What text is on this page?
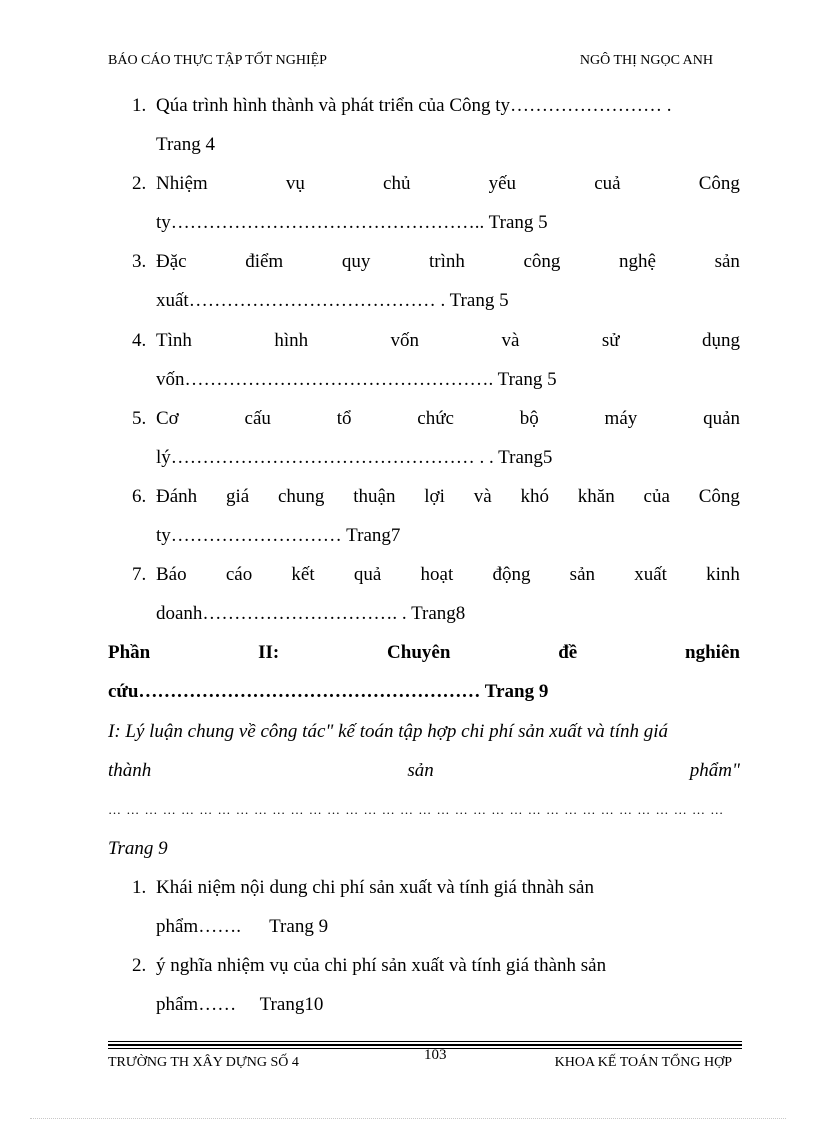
BÁO CÁO THỰC TẬP TỐT NGHIỆP	NGÔ THỊ NGỌC ANH
1. Qúa trình hình thành và phát triển của Công ty…………………… .
Trang 4
2. Nhiệm	vụ	chủ	yếu	cuả	Công
ty………………………………………….. Trang 5
3. Đặc	điểm	quy	trình	công	nghệ	sản
xuất………………………………… . Trang 5
4. Tình	hình	vốn	và	sử	dụng
vốn…………………………………………. Trang 5
5. Cơ	cấu	tổ	chức	bộ	máy	quản
lý………………………………………… . . Trang5
6. Đánh giá chung thuận lợi và khó khăn của Công
ty……………………… Trang7
7. Báo cáo kết quả hoạt động sản xuất kinh
doanh…………………………. . Trang8
Phần	II:	Chuyên	đề	nghiên
cứu……………………………………………… Trang 9
I: Lý luận chung về công tác" kế toán tập hợp chi phí sản xuất và tính giá
thành	sản	phẩm"
… … … … … … … … … … … … … … … … … … … … … … … … … … … … … … … … … …
Trang 9
1. Khái niệm nội dung chi phí sản xuất và tính giá thnàh sản
phẩm…….      Trang 9
2. ý nghĩa nhiệm vụ của chi phí sản xuất và tính giá thành sản
phẩm……     Trang10
TRƯỜNG TH XÂY DỰNG SỐ 4	103	KHOA KẾ TOÁN TỔNG HỢP
